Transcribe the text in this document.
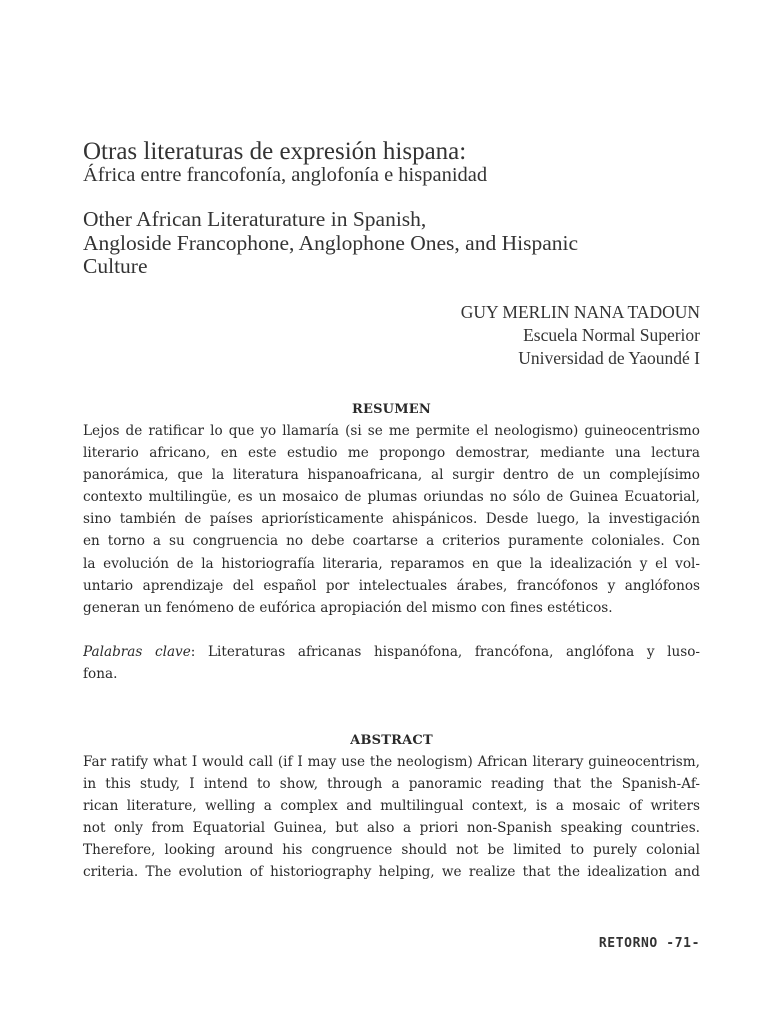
Otras literaturas de expresión hispana:
África entre francofonía, anglofonía e hispanidad
Other African Literaturature in Spanish,
Angloside Francophone, Anglophone Ones, and Hispanic
Culture
GUY MERLIN NANA TADOUN
Escuela Normal Superior
Universidad de Yaoundé I
RESUMEN
Lejos de ratificar lo que yo llamaría (si se me permite el neologismo) guineocentrismo
literario africano, en este estudio me propongo demostrar, mediante una lectura
panorámica, que la literatura hispanoafricana, al surgir dentro de un complejísimo
contexto multilingüe, es un mosaico de plumas oriundas no sólo de Guinea Ecuatorial,
sino también de países apriorísticamente ahispánicos. Desde luego, la investigación
en torno a su congruencia no debe coartarse a criterios puramente coloniales. Con
la evolución de la historiografía literaria, reparamos en que la idealización y el vol-
untario aprendizaje del español por intelectuales árabes, francófonos y anglófonos
generan un fenómeno de eufórica apropiación del mismo con fines estéticos.
Palabras clave: Literaturas africanas hispanófona, francófona, anglófona y luso-
fona.
ABSTRACT
Far ratify what I would call (if I may use the neologism) African literary guineocentrism,
in this study, I intend to show, through a panoramic reading that the Spanish-Af-
rican literature, welling a complex and multilingual context, is a mosaic of writers
not only from Equatorial Guinea, but also a priori non-Spanish speaking countries.
Therefore, looking around his congruence should not be limited to purely colonial
criteria. The evolution of historiography helping, we realize that the idealization and
RETORNO -71-
